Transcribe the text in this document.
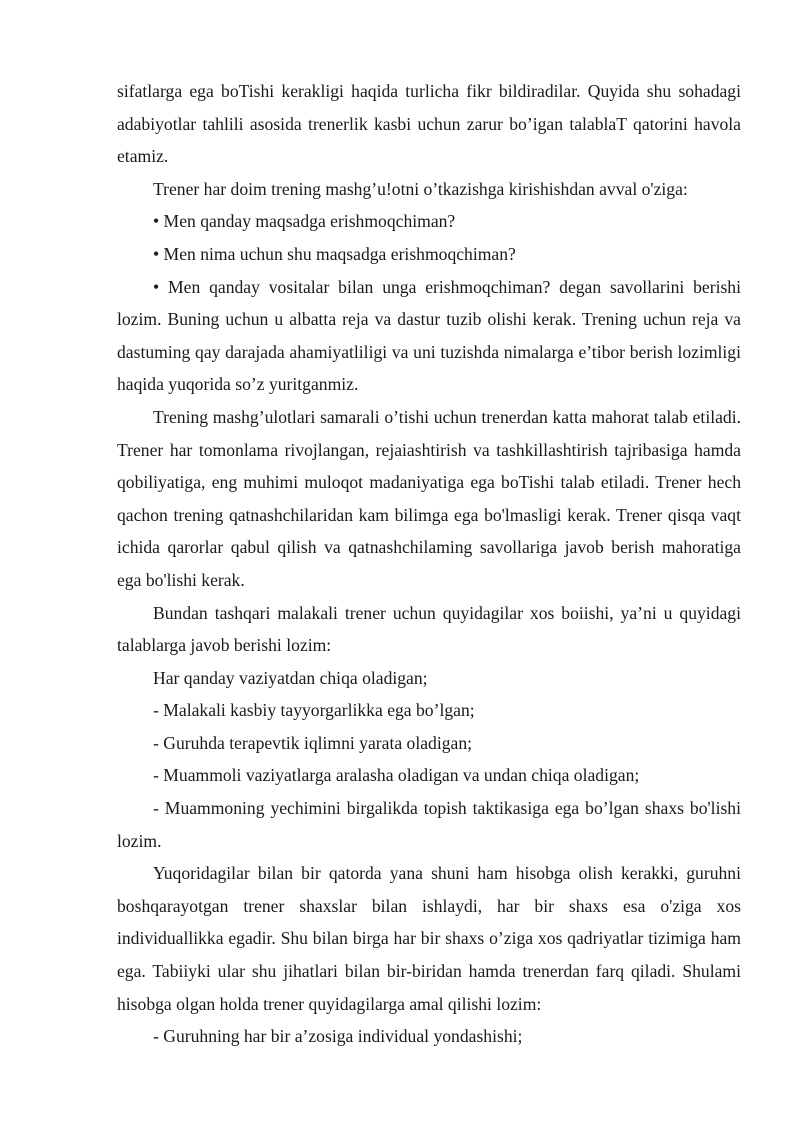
sifatlarga ega boTishi kerakligi haqida turlicha fikr bildiradilar. Quyida shu sohadagi adabiyotlar tahlili asosida trenerlik kasbi uchun zarur bo’igan talablaT qatorini havola etamiz.

Trener har doim trening mashg’u!otni o’tkazishga kirishishdan avval o'ziga:

• Men qanday maqsadga erishmoqchiman?

• Men nima uchun shu maqsadga erishmoqchiman?

• Men qanday vositalar bilan unga erishmoqchiman? degan savollarini berishi lozim. Buning uchun u albatta reja va dastur tuzib olishi kerak. Trening uchun reja va dastuming qay darajada ahamiyatliligi va uni tuzishda nimalarga e’tibor berish lozimligi haqida yuqorida so’z yuritganmiz.

Trening mashg’ulotlari samarali o’tishi uchun trenerdan katta mahorat talab etiladi. Trener har tomonlama rivojlangan, rejaiashtirish va tashkillashtirish tajribasiga hamda qobiliyatiga, eng muhimi muloqot madaniyatiga ega boTishi talab etiladi. Trener hech qachon trening qatnashchilaridan kam bilimga ega bo'lmasligi kerak. Trener qisqa vaqt ichida qarorlar qabul qilish va qatnashchilaming savollariga javob berish mahoratiga ega bo'lishi kerak.

Bundan tashqari malakali trener uchun quyidagilar xos boiishi, ya’ni u quyidagi talablarga javob berishi lozim:

Har qanday vaziyatdan chiqa oladigan;

- Malakali kasbiy tayyorgarlikka ega bo’lgan;

- Guruhda terapevtik iqlimni yarata oladigan;

- Muammoli vaziyatlarga aralasha oladigan va undan chiqa oladigan;

- Muammoning yechimini birgalikda topish taktikasiga ega bo’lgan shaxs bo'lishi lozim.

Yuqoridagilar bilan bir qatorda yana shuni ham hisobga olish kerakki, guruhni boshqarayotgan trener shaxslar bilan ishlaydi, har bir shaxs esa o'ziga xos individuallikka egadir. Shu bilan birga har bir shaxs o’ziga xos qadriyatlar tizimiga ham ega. Tabiiyki ular shu jihatlari bilan bir-biridan hamda trenerdan farq qiladi. Shulami hisobga olgan holda trener quyidagilarga amal qilishi lozim:

- Guruhning har bir a’zosiga individual yondashishi;
